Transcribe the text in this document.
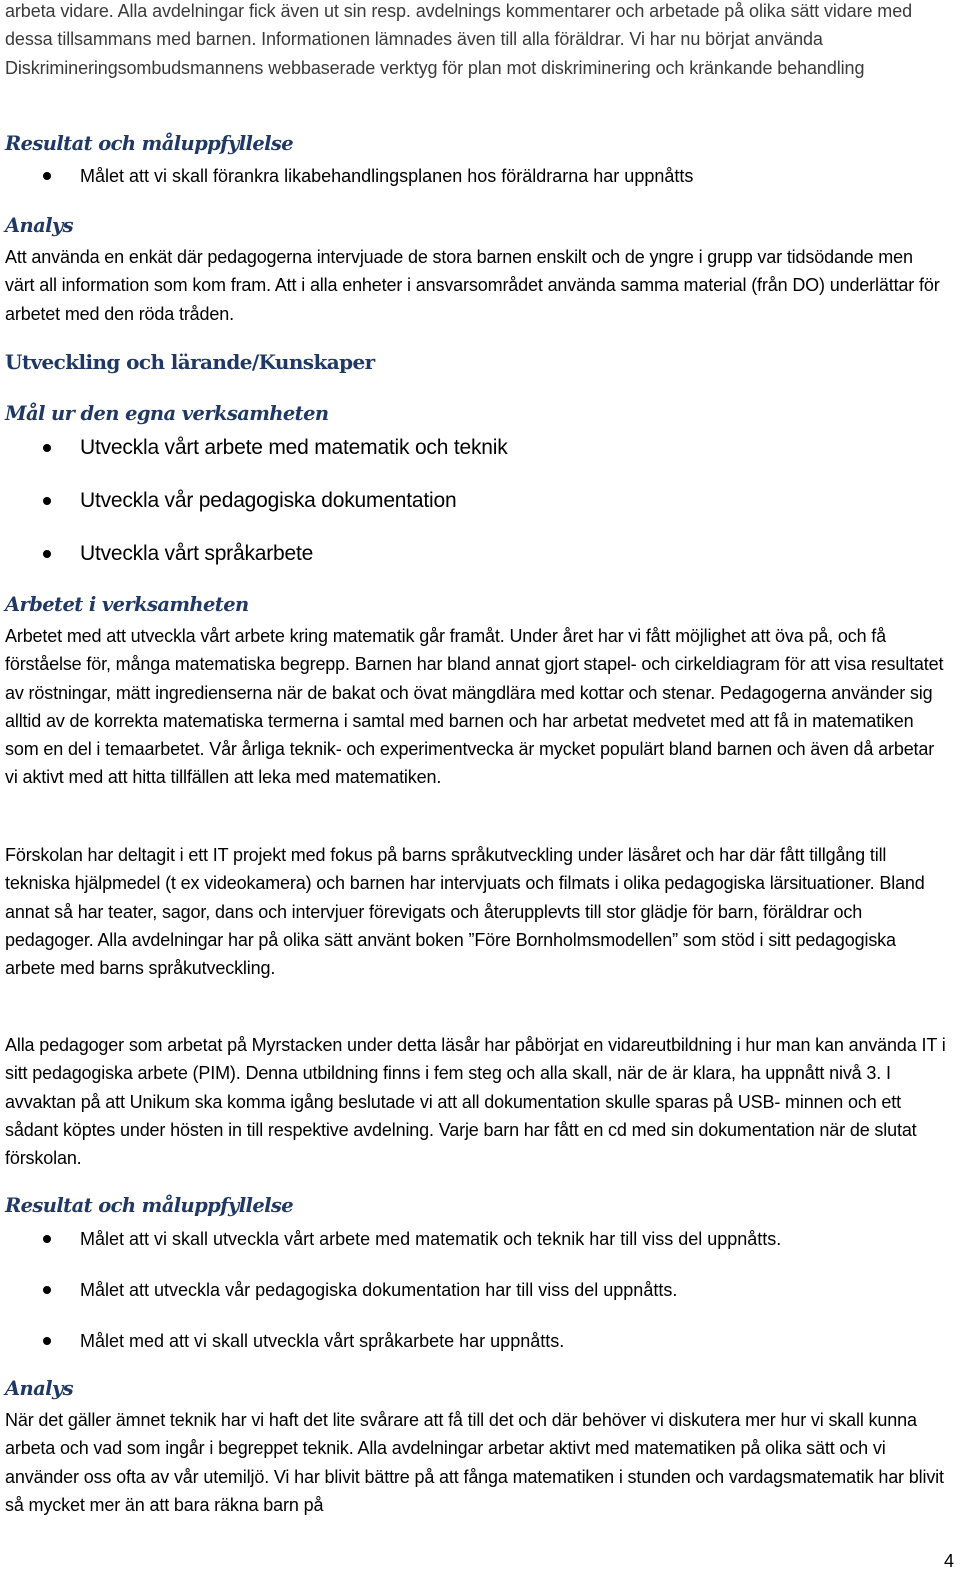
arbeta vidare. Alla avdelningar fick även ut sin resp. avdelnings kommentarer och arbetade på olika sätt vidare med dessa tillsammans med barnen. Informationen lämnades även till alla föräldrar. Vi har nu börjat använda Diskrimineringsombudsmannens webbaserade verktyg för plan mot diskriminering och kränkande behandling

Resultat och måluppfyllelse
Målet att vi skall förankra likabehandlingsplanen hos föräldrarna har uppnåtts
Analys

Att använda en enkät där pedagogerna intervjuade de stora barnen enskilt och de yngre i grupp var tidsödande men värt all information som kom fram. Att i alla enheter i ansvarsområdet använda samma material (från DO) underlättar för arbetet med den röda tråden.

Utveckling och lärande/Kunskaper
Mål ur den egna verksamheten
Utveckla vårt arbete med matematik och teknik
Utveckla vår pedagogiska dokumentation
Utveckla vårt språkarbete
Arbetet i verksamheten

Arbetet med att utveckla vårt arbete kring matematik går framåt. Under året har vi fått möjlighet att öva på, och få förståelse för, många matematiska begrepp. Barnen har bland annat gjort stapel- och cirkeldiagram för att visa resultatet av röstningar, mätt ingredienserna när de bakat och övat mängdlära med kottar och stenar. Pedagogerna använder sig alltid av de korrekta matematiska termerna i samtal med barnen och har arbetat medvetet med att få in matematiken som en del i temaarbetet. Vår årliga teknik- och experimentvecka är mycket populärt bland barnen och även då arbetar vi aktivt med att hitta tillfällen att leka med matematiken.

Förskolan har deltagit i ett IT projekt med fokus på barns språkutveckling under läsåret och har där fått tillgång till tekniska hjälpmedel (t ex videokamera) och barnen har intervjuats och filmats i olika pedagogiska lärsituationer. Bland annat så har teater, sagor, dans och intervjuer förevigats och återupplevts till stor glädje för barn, föräldrar och pedagoger. Alla avdelningar har på olika sätt använt boken ”Före Bornholmsmodellen” som stöd i sitt pedagogiska arbete med barns språkutveckling.

Alla pedagoger som arbetat på Myrstacken under detta läsår har påbörjat en vidareutbildning i hur man kan använda IT i sitt pedagogiska arbete (PIM). Denna utbildning finns i fem steg och alla skall, när de är klara, ha uppnått nivå 3. I avvaktan på att Unikum ska komma igång beslutade vi att all dokumentation skulle sparas på USB- minnen och ett sådant köptes under hösten in till respektive avdelning. Varje barn har fått en cd med sin dokumentation när de slutat förskolan.

Resultat och måluppfyllelse
Målet att vi skall utveckla vårt arbete med matematik och teknik har till viss del uppnåtts.
Målet att utveckla vår pedagogiska dokumentation har till viss del uppnåtts.
Målet med att vi skall utveckla vårt språkarbete har uppnåtts.
Analys

När det gäller ämnet teknik har vi haft det lite svårare att få till det och där behöver vi diskutera mer hur vi skall kunna arbeta och vad som ingår i begreppet teknik. Alla avdelningar arbetar aktivt med matematiken på olika sätt och vi använder oss ofta av vår utemiljö. Vi har blivit bättre på att fånga matematiken i stunden och vardagsmatematik har blivit så mycket mer än att bara räkna barn på

4
